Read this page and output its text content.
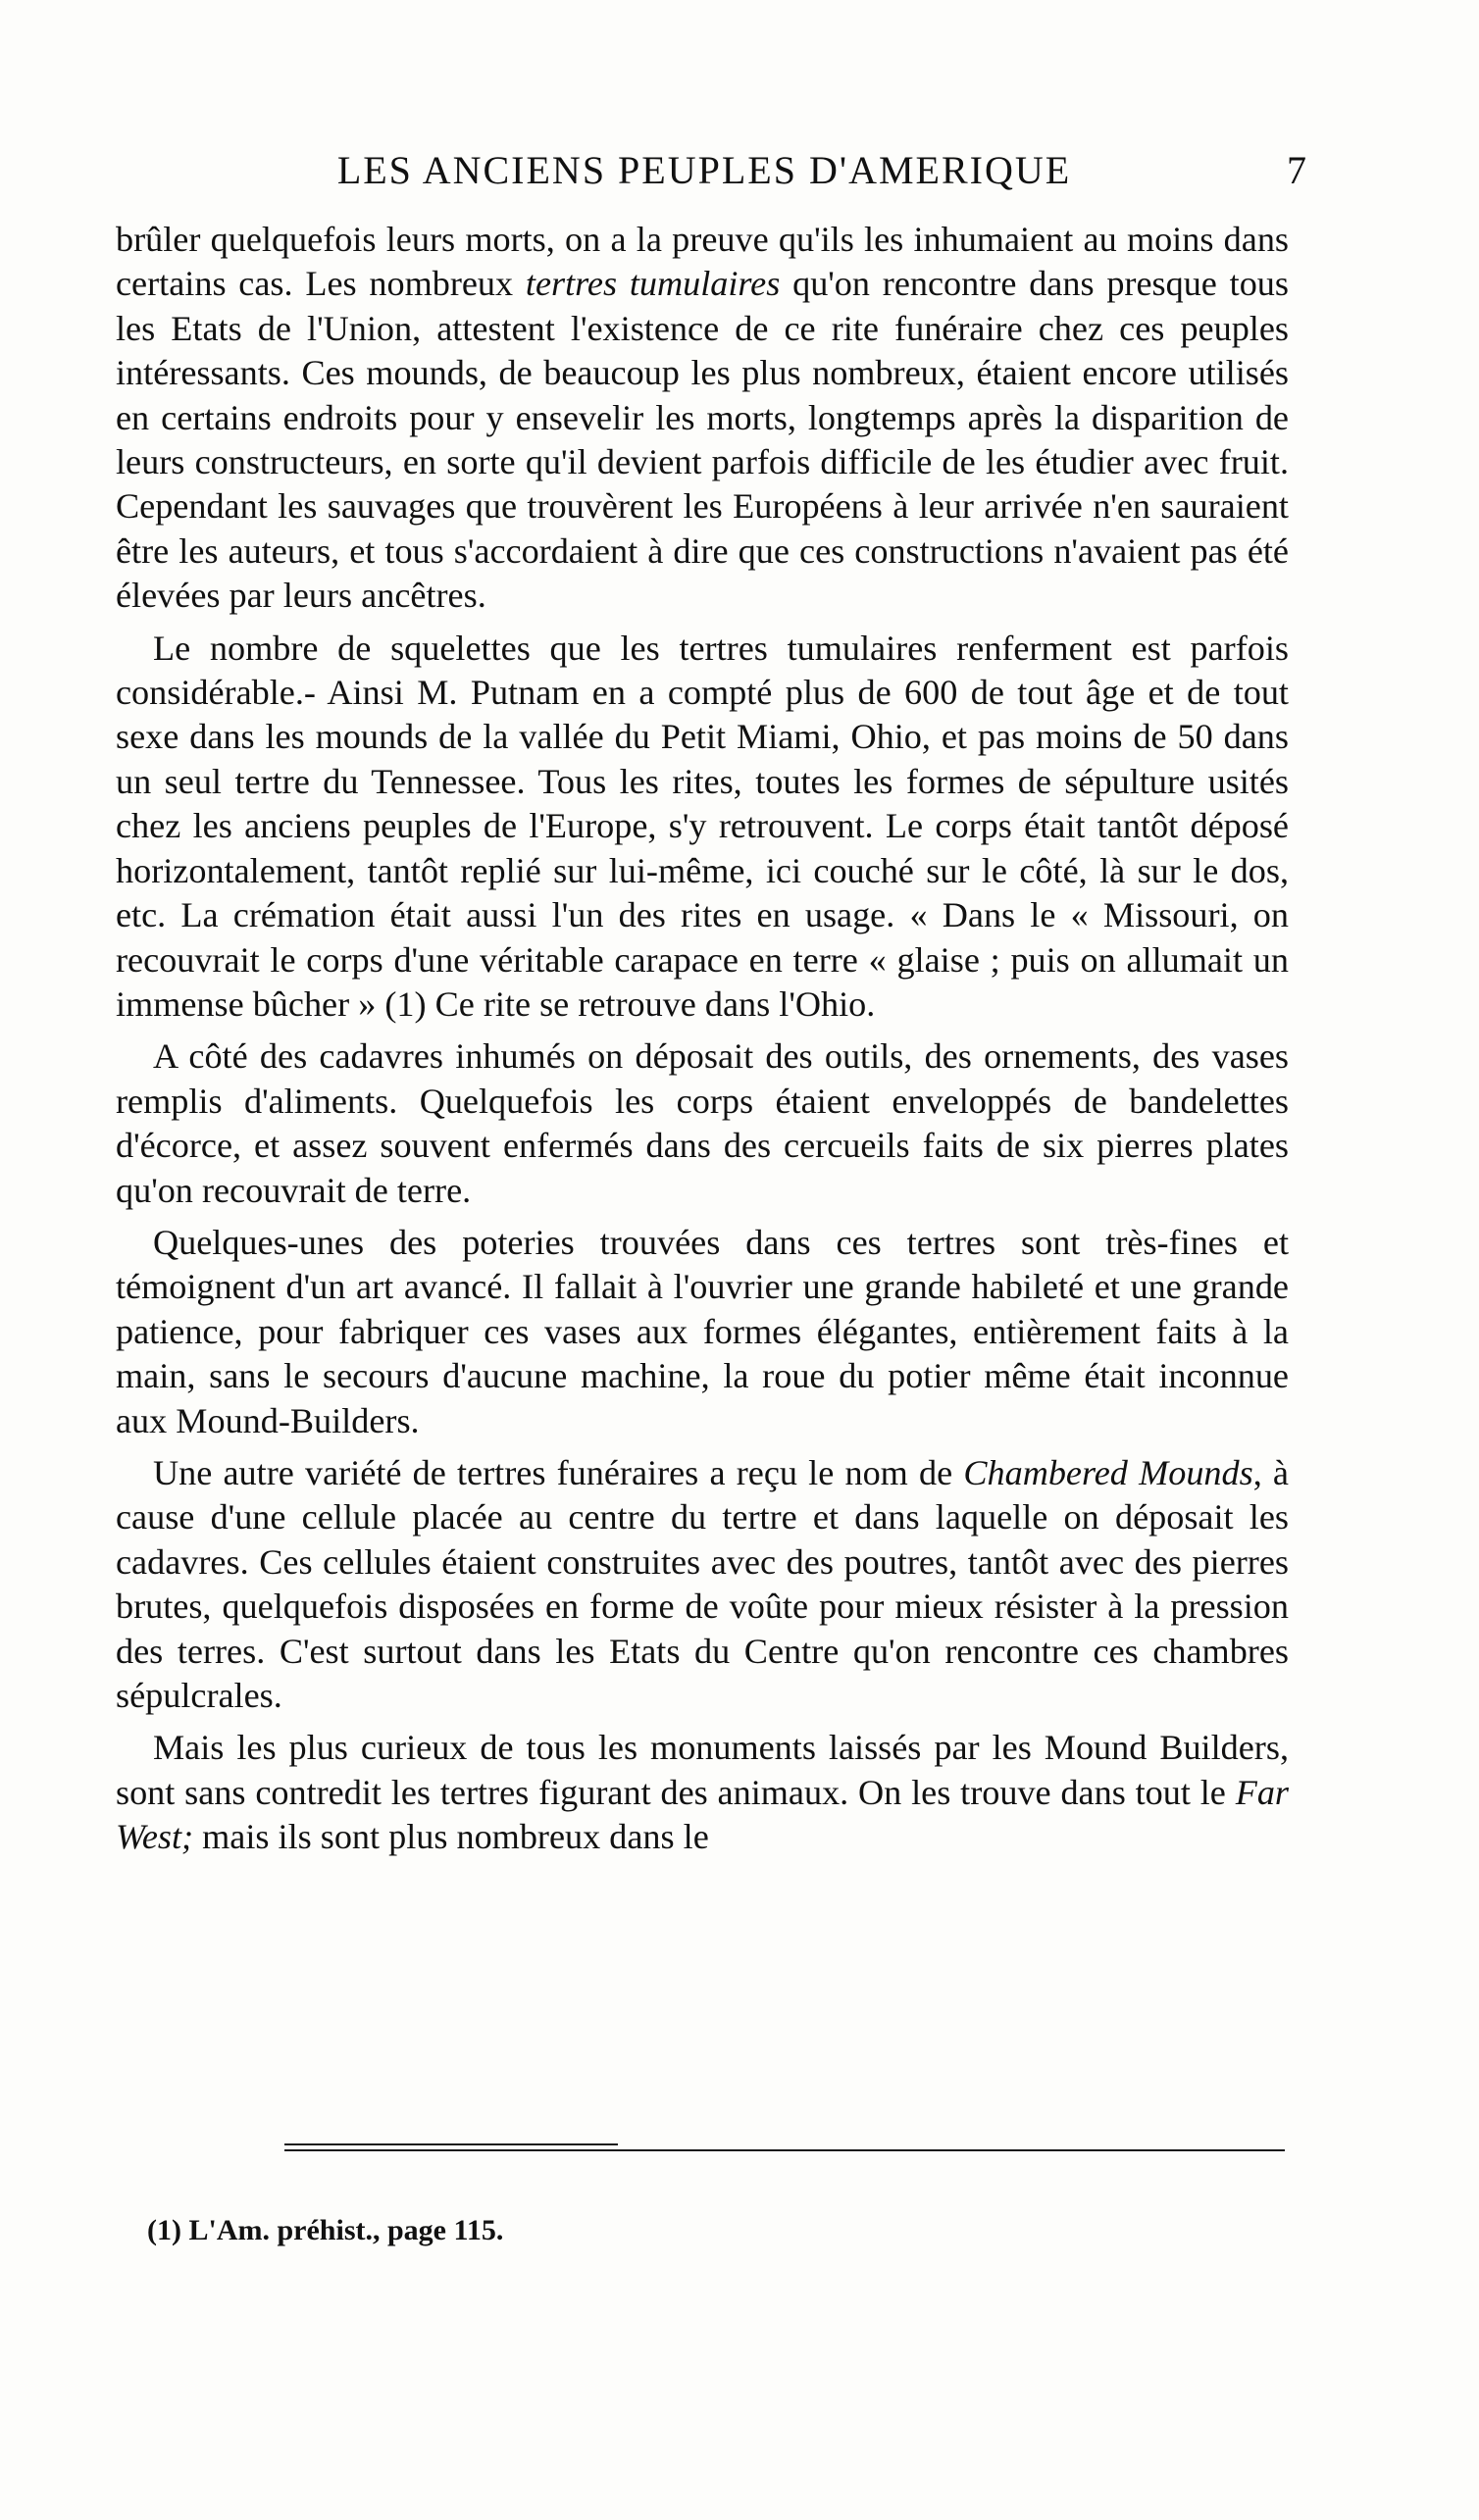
LES ANCIENS PEUPLES D'AMERIQUE	7

brûler quelquefois leurs morts, on a la preuve qu'ils les inhumaient au moins dans certains cas. Les nombreux tertres tumulaires qu'on rencontre dans presque tous les Etats de l'Union, attestent l'existence de ce rite funéraire chez ces peuples intéressants. Ces mounds, de beaucoup les plus nombreux, étaient encore utilisés en certains endroits pour y ensevelir les morts, longtemps après la disparition de leurs constructeurs, en sorte qu'il devient parfois difficile de les étudier avec fruit. Cependant les sauvages que trouvèrent les Européens à leur arrivée n'en sauraient être les auteurs, et tous s'accordaient à dire que ces constructions n'avaient pas été élevées par leurs ancêtres.

Le nombre de squelettes que les tertres tumulaires renferment est parfois considérable.- Ainsi M. Putnam en a compté plus de 600 de tout âge et de tout sexe dans les mounds de la vallée du Petit Miami, Ohio, et pas moins de 50 dans un seul tertre du Tennessee. Tous les rites, toutes les formes de sépulture usités chez les anciens peuples de l'Europe, s'y retrouvent. Le corps était tantôt déposé horizontalement, tantôt replié sur lui-même, ici couché sur le côté, là sur le dos, etc. La crémation était aussi l'un des rites en usage. « Dans le « Missouri, on recouvrait le corps d'une véritable carapace en terre « glaise ; puis on allumait un immense bûcher » (1) Ce rite se retrouve dans l'Ohio.

A côté des cadavres inhumés on déposait des outils, des ornements, des vases remplis d'aliments. Quelquefois les corps étaient enveloppés de bandelettes d'écorce, et assez souvent enfermés dans des cercueils faits de six pierres plates qu'on recouvrait de terre.

Quelques-unes des poteries trouvées dans ces tertres sont très-fines et témoignent d'un art avancé. Il fallait à l'ouvrier une grande habileté et une grande patience, pour fabriquer ces vases aux formes élégantes, entièrement faits à la main, sans le secours d'aucune machine, la roue du potier même était inconnue aux Mound-Builders.

Une autre variété de tertres funéraires a reçu le nom de Chambered Mounds, à cause d'une cellule placée au centre du tertre et dans laquelle on déposait les cadavres. Ces cellules étaient construites avec des poutres, tantôt avec des pierres brutes, quelquefois disposées en forme de voûte pour mieux résister à la pression des terres. C'est surtout dans les Etats du Centre qu'on rencontre ces chambres sépulcrales.

Mais les plus curieux de tous les monuments laissés par les Mound Builders, sont sans contredit les tertres figurant des animaux. On les trouve dans tout le Far West; mais ils sont plus nombreux dans le

(1) L'Am. préhist., page 115.
